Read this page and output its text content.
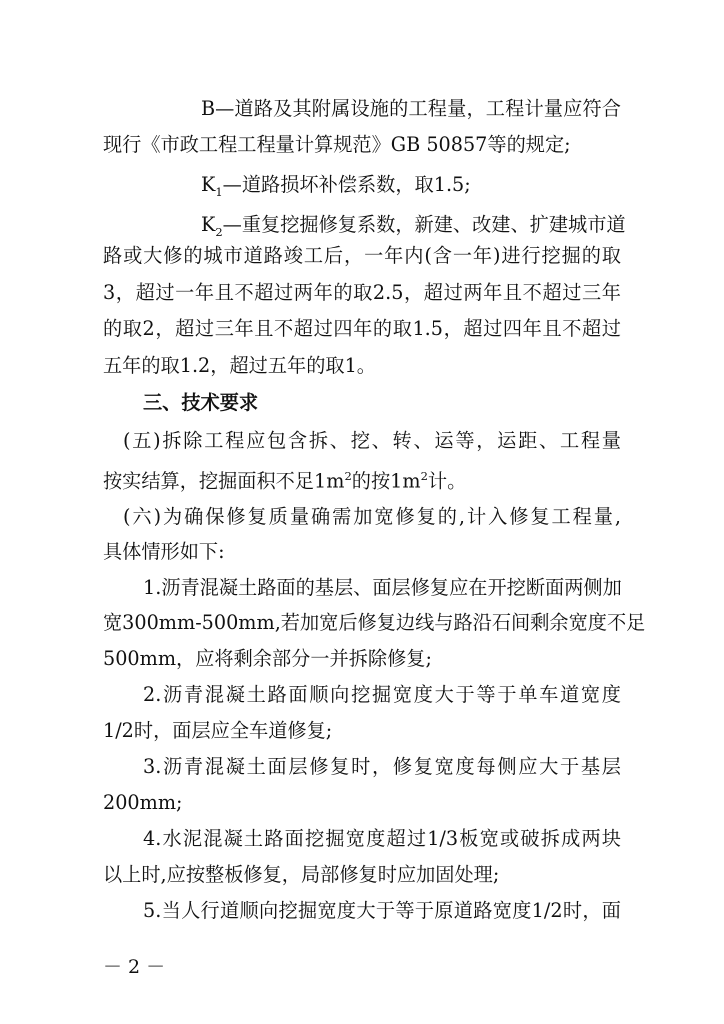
B—道路及其附属设施的工程量，工程计量应符合
现行《市政工程工程量计算规范》GB 50857等的规定;
$K_1—$道路损坏补偿系数，取1.5;
$K_2—$重复挖掘修复系数，新建、改建、扩建城市道
路或大修的城市道路竣工后，一年内(含一年)进行挖掘的取
3，超过一年且不超过两年的取2.5，超过两年且不超过三年
的取2，超过三年且不超过四年的取1.5，超过四年且不超过
五年的取1.2，超过五年的取1。
三、技术要求
(五)拆除工程应包含拆、挖、转、运等，运距、工程量
按实结算，挖掘面积不足$1m^2$的按$1m^2$计。
(六)为确保修复质量确需加宽修复的,计入修复工程量,
具体情形如下:
1.沥青混凝土路面的基层、面层修复应在开挖断面两侧加
宽300mm-500mm,若加宽后修复边线与路沿石间剩余宽度不足
500mm，应将剩余部分一并拆除修复;
2.沥青混凝土路面顺向挖掘宽度大于等于单车道宽度
1/2时，面层应全车道修复;
3.沥青混凝土面层修复时，修复宽度每侧应大于基层
200mm;
4.水泥混凝土路面挖掘宽度超过1/3板宽或破拆成两块
以上时,应按整板修复，局部修复时应加固处理;
5.当人行道顺向挖掘宽度大于等于原道路宽度1/2时，面
－ 2 －
